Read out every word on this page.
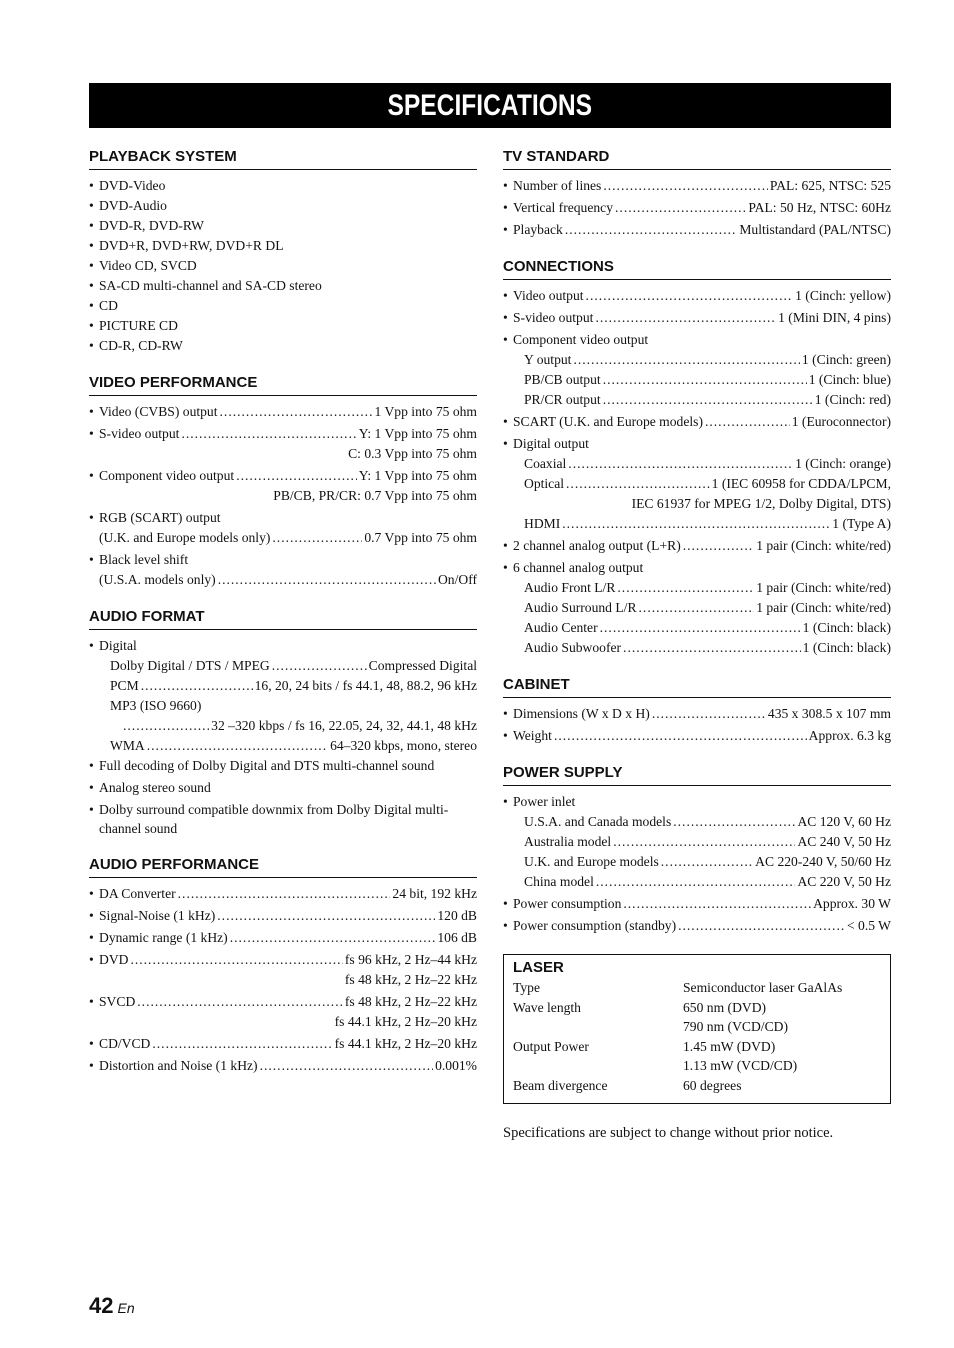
SPECIFICATIONS
PLAYBACK SYSTEM
• DVD-Video
• DVD-Audio
• DVD-R, DVD-RW
• DVD+R, DVD+RW, DVD+R DL
• Video CD, SVCD
• SA-CD multi-channel and SA-CD stereo
• CD
• PICTURE CD
• CD-R, CD-RW
VIDEO PERFORMANCE
• Video (CVBS) output .....	1 Vpp into 75 ohm
• S-video output .....	Y: 1 Vpp into 75 ohm
C: 0.3 Vpp into 75 ohm
• Component video output .....	Y: 1 Vpp into 75 ohm
PB/CB, PR/CR: 0.7 Vpp into 75 ohm
• RGB (SCART) output
(U.K. and Europe models only) .....	0.7 Vpp into 75 ohm
• Black level shift
(U.S.A. models only) .....	On/Off
AUDIO FORMAT
• Digital
Dolby Digital / DTS / MPEG .....	Compressed Digital
PCM .....	16, 20, 24 bits / fs 44.1, 48, 88.2, 96 kHz
MP3 (ISO 9660)
.....
32 –320 kbps / fs 16, 22.05, 24, 32, 44.1, 48 kHz
WMA .....	64–320 kbps, mono, stereo
• Full decoding of Dolby Digital and DTS multi-channel sound
• Analog stereo sound
• Dolby surround compatible downmix from Dolby Digital multi-channel sound
AUDIO PERFORMANCE
• DA Converter .....	24 bit, 192 kHz
• Signal-Noise (1 kHz) .....	120 dB
• Dynamic range (1 kHz) .....	106 dB
• DVD .....	fs 96 kHz, 2 Hz–44 kHz
fs 48 kHz, 2 Hz–22 kHz
• SVCD .....	fs 48 kHz, 2 Hz–22 kHz
fs 44.1 kHz, 2 Hz–20 kHz
• CD/VCD .....	fs 44.1 kHz, 2 Hz–20 kHz
• Distortion and Noise (1 kHz) .....	0.001%
TV STANDARD
• Number of lines .....	PAL: 625, NTSC: 525
• Vertical frequency .....	PAL: 50 Hz, NTSC: 60Hz
• Playback .....	Multistandard (PAL/NTSC)
CONNECTIONS
• Video output .....	1 (Cinch: yellow)
• S-video output .....	1 (Mini DIN, 4 pins)
• Component video output
Y output .....	1 (Cinch: green)
PB/CB output .....	1 (Cinch: blue)
PR/CR output .....	1 (Cinch: red)
• SCART (U.K. and Europe models) .....	1 (Euroconnector)
• Digital output
Coaxial .....	1 (Cinch: orange)
Optical .....	1 (IEC 60958 for CDDA/LPCM,
IEC 61937 for MPEG 1/2, Dolby Digital, DTS)
HDMI .....	1 (Type A)
• 2 channel analog output (L+R) .....	1 pair (Cinch: white/red)
• 6 channel analog output
Audio Front L/R .....	1 pair (Cinch: white/red)
Audio Surround L/R .....	1 pair (Cinch: white/red)
Audio Center .....	1 (Cinch: black)
Audio Subwoofer .....	1 (Cinch: black)
CABINET
• Dimensions (W x D x H) .....	435 x 308.5 x 107 mm
• Weight .....	Approx. 6.3 kg
POWER SUPPLY
• Power inlet
U.S.A. and Canada models .....	AC 120 V, 60 Hz
Australia model .....	AC 240 V, 50 Hz
U.K. and Europe models .....	AC 220-240 V, 50/60 Hz
China model .....	AC 220 V, 50 Hz
• Power consumption .....	Approx. 30 W
• Power consumption (standby) .....	< 0.5 W
LASER
Type	Semiconductor laser GaAlAs
Wave length	650 nm (DVD)
790 nm (VCD/CD)
Output Power	1.45 mW (DVD)
1.13 mW (VCD/CD)
Beam divergence	60 degrees
Specifications are subject to change without prior notice.
42 En
